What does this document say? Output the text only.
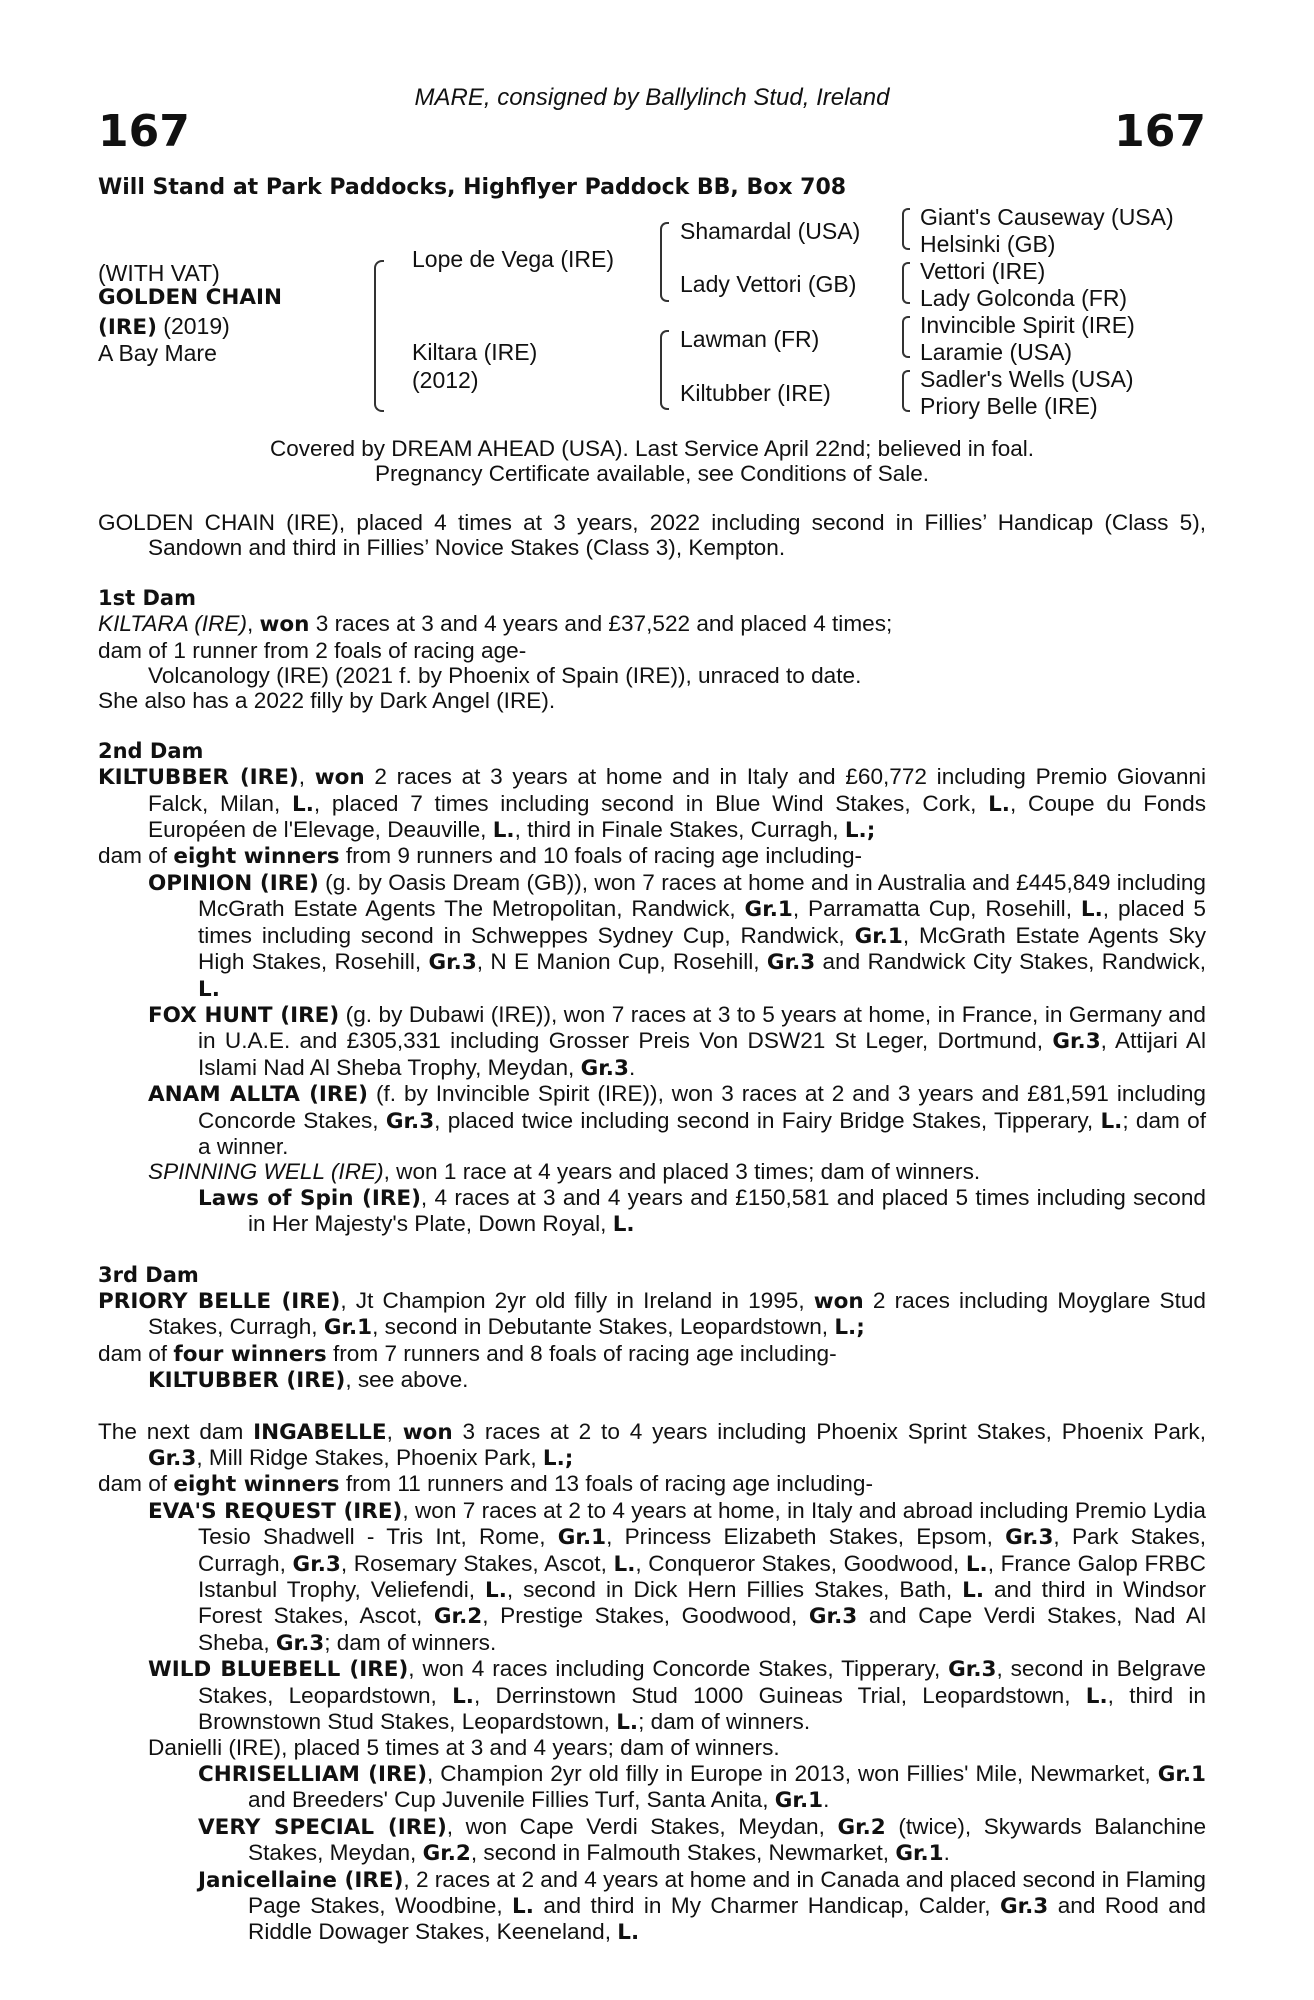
MARE, consigned by Ballylinch Stud, Ireland
167	167
Will Stand at Park Paddocks, Highflyer Paddock BB, Box 708
(WITH VAT)
GOLDEN CHAIN
(IRE) (2019)
A Bay Mare
Lope de Vega (IRE)
Kiltara (IRE)
(2012)
Shamardal (USA)
Lady Vettori (GB)
Lawman (FR)
Kiltubber (IRE)
Giant's Causeway (USA)
Helsinki (GB)
Vettori (IRE)
Lady Golconda (FR)
Invincible Spirit (IRE)
Laramie (USA)
Sadler's Wells (USA)
Priory Belle (IRE)
Covered by DREAM AHEAD (USA). Last Service April 22nd; believed in foal.
Pregnancy Certificate available, see Conditions of Sale.

GOLDEN CHAIN (IRE), placed 4 times at 3 years, 2022 including second in Fillies’ Handicap (Class 5), Sandown and third in Fillies’ Novice Stakes (Class 3), Kempton.

1st Dam

KILTARA (IRE), won 3 races at 3 and 4 years and £37,522 and placed 4 times;

dam of 1 runner from 2 foals of racing age-

Volcanology (IRE) (2021 f. by Phoenix of Spain (IRE)), unraced to date.

She also has a 2022 filly by Dark Angel (IRE).

2nd Dam

KILTUBBER (IRE), won 2 races at 3 years at home and in Italy and £60,772 including Premio Giovanni Falck, Milan, L., placed 7 times including second in Blue Wind Stakes, Cork, L., Coupe du Fonds Européen de l'Elevage, Deauville, L., third in Finale Stakes, Curragh, L.;

dam of eight winners from 9 runners and 10 foals of racing age including-

OPINION (IRE) (g. by Oasis Dream (GB)), won 7 races at home and in Australia and £445,849 including McGrath Estate Agents The Metropolitan, Randwick, Gr.1, Parramatta Cup, Rosehill, L., placed 5 times including second in Schweppes Sydney Cup, Randwick, Gr.1, McGrath Estate Agents Sky High Stakes, Rosehill, Gr.3, N E Manion Cup, Rosehill, Gr.3 and Randwick City Stakes, Randwick, L.

FOX HUNT (IRE) (g. by Dubawi (IRE)), won 7 races at 3 to 5 years at home, in France, in Germany and in U.A.E. and £305,331 including Grosser Preis Von DSW21 St Leger, Dortmund, Gr.3, Attijari Al Islami Nad Al Sheba Trophy, Meydan, Gr.3.

ANAM ALLTA (IRE) (f. by Invincible Spirit (IRE)), won 3 races at 2 and 3 years and £81,591 including Concorde Stakes, Gr.3, placed twice including second in Fairy Bridge Stakes, Tipperary, L.; dam of a winner.

SPINNING WELL (IRE), won 1 race at 4 years and placed 3 times; dam of winners.

Laws of Spin (IRE), 4 races at 3 and 4 years and £150,581 and placed 5 times including second in Her Majesty's Plate, Down Royal, L.

3rd Dam

PRIORY BELLE (IRE), Jt Champion 2yr old filly in Ireland in 1995, won 2 races including Moyglare Stud Stakes, Curragh, Gr.1, second in Debutante Stakes, Leopardstown, L.;

dam of four winners from 7 runners and 8 foals of racing age including-

KILTUBBER (IRE), see above.

The next dam INGABELLE, won 3 races at 2 to 4 years including Phoenix Sprint Stakes, Phoenix Park, Gr.3, Mill Ridge Stakes, Phoenix Park, L.;

dam of eight winners from 11 runners and 13 foals of racing age including-

EVA'S REQUEST (IRE), won 7 races at 2 to 4 years at home, in Italy and abroad including Premio Lydia Tesio Shadwell - Tris Int, Rome, Gr.1, Princess Elizabeth Stakes, Epsom, Gr.3, Park Stakes, Curragh, Gr.3, Rosemary Stakes, Ascot, L., Conqueror Stakes, Goodwood, L., France Galop FRBC Istanbul Trophy, Veliefendi, L., second in Dick Hern Fillies Stakes, Bath, L. and third in Windsor Forest Stakes, Ascot, Gr.2, Prestige Stakes, Goodwood, Gr.3 and Cape Verdi Stakes, Nad Al Sheba, Gr.3; dam of winners.

WILD BLUEBELL (IRE), won 4 races including Concorde Stakes, Tipperary, Gr.3, second in Belgrave Stakes, Leopardstown, L., Derrinstown Stud 1000 Guineas Trial, Leopardstown, L., third in Brownstown Stud Stakes, Leopardstown, L.; dam of winners.

Danielli (IRE), placed 5 times at 3 and 4 years; dam of winners.

CHRISELLIAM (IRE), Champion 2yr old filly in Europe in 2013, won Fillies' Mile, Newmarket, Gr.1 and Breeders' Cup Juvenile Fillies Turf, Santa Anita, Gr.1.

VERY SPECIAL (IRE), won Cape Verdi Stakes, Meydan, Gr.2 (twice), Skywards Balanchine Stakes, Meydan, Gr.2, second in Falmouth Stakes, Newmarket, Gr.1.

Janicellaine (IRE), 2 races at 2 and 4 years at home and in Canada and placed second in Flaming Page Stakes, Woodbine, L. and third in My Charmer Handicap, Calder, Gr.3 and Rood and Riddle Dowager Stakes, Keeneland, L.
